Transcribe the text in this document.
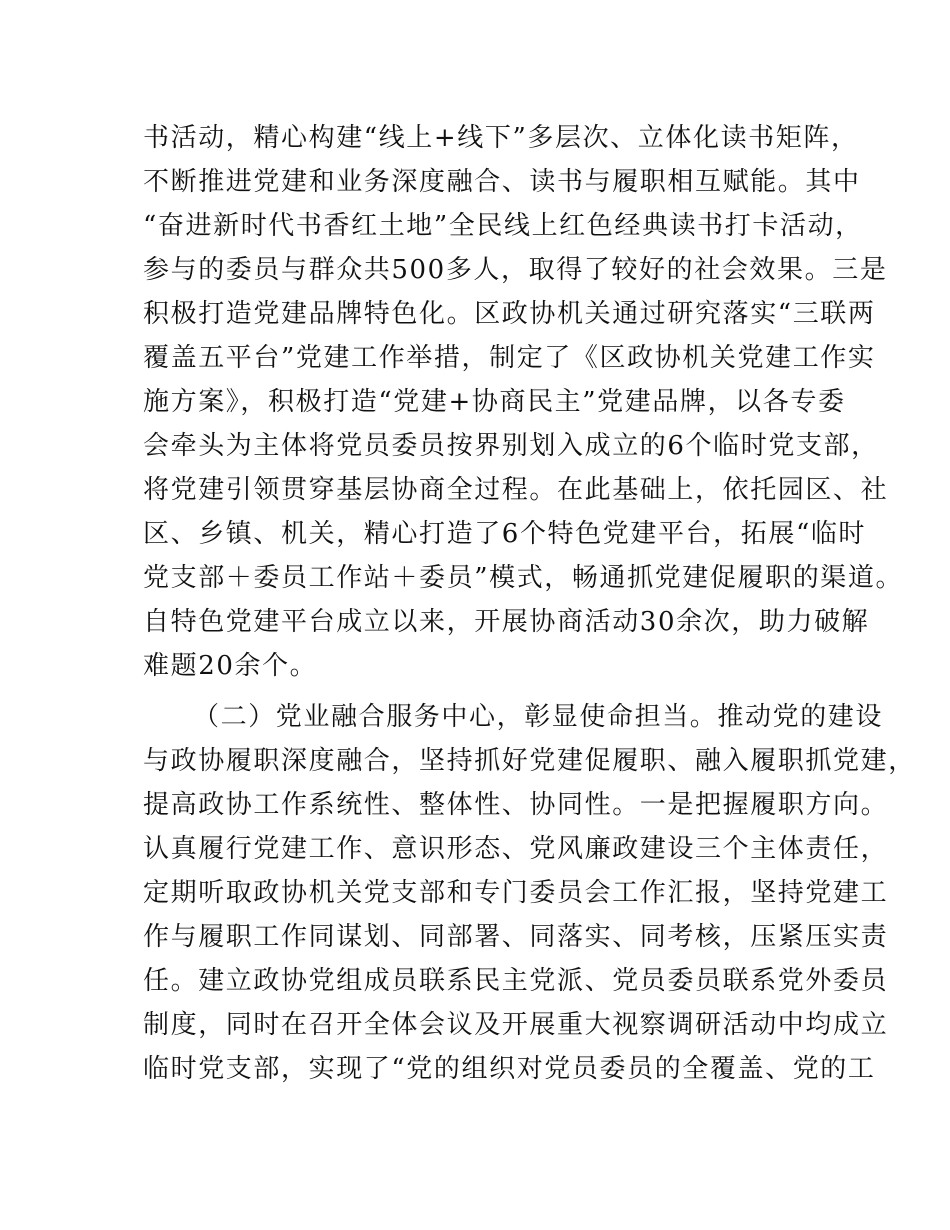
书活动，精心构建“线上+线下”多层次、立体化读书矩阵，
不断推进党建和业务深度融合、读书与履职相互赋能。其中
“奋进新时代书香红土地”全民线上红色经典读书打卡活动，
参与的委员与群众共500多人，取得了较好的社会效果。三是
积极打造党建品牌特色化。区政协机关通过研究落实“三联两
覆盖五平台”党建工作举措，制定了《区政协机关党建工作实
施方案》，积极打造“党建+协商民主”党建品牌，以各专委
会牵头为主体将党员委员按界别划入成立的6个临时党支部，
将党建引领贯穿基层协商全过程。在此基础上，依托园区、社
区、乡镇、机关，精心打造了6个特色党建平台，拓展“临时
党支部＋委员工作站＋委员”模式，畅通抓党建促履职的渠道。
自特色党建平台成立以来，开展协商活动30余次，助力破解
难题20余个。
（二）党业融合服务中心，彰显使命担当。推动党的建设
与政协履职深度融合，坚持抓好党建促履职、融入履职抓党建，
提高政协工作系统性、整体性、协同性。一是把握履职方向。
认真履行党建工作、意识形态、党风廉政建设三个主体责任，
定期听取政协机关党支部和专门委员会工作汇报，坚持党建工
作与履职工作同谋划、同部署、同落实、同考核，压紧压实责
任。建立政协党组成员联系民主党派、党员委员联系党外委员
制度，同时在召开全体会议及开展重大视察调研活动中均成立
临时党支部，实现了“党的组织对党员委员的全覆盖、党的工
